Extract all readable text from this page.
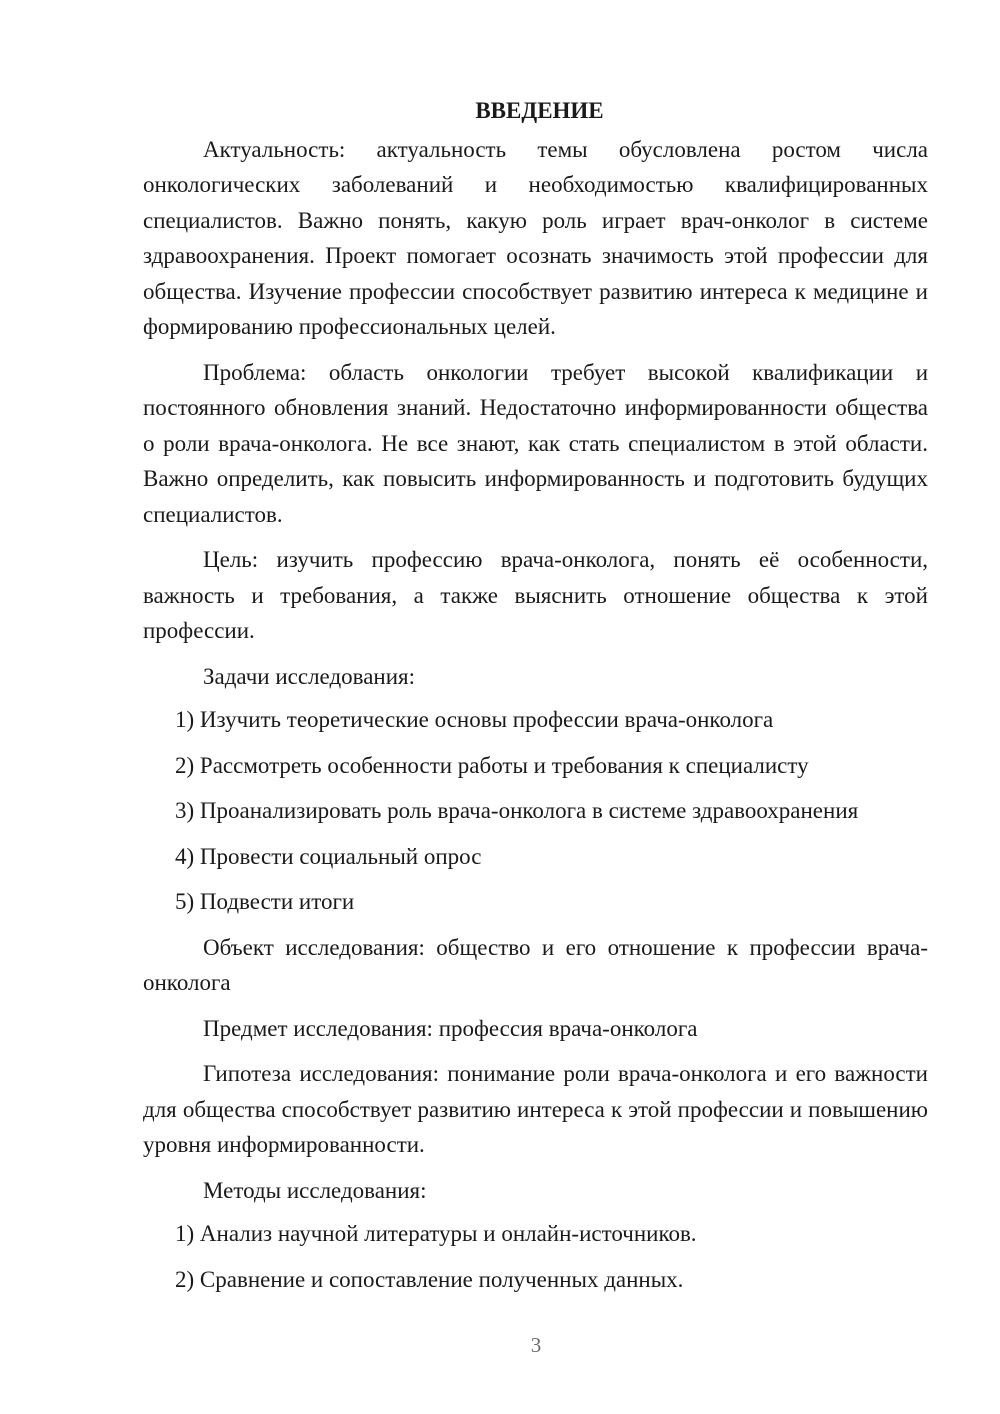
ВВЕДЕНИЕ

Актуальность: актуальность темы обусловлена ростом числа онкологических заболеваний и необходимостью квалифицированных специалистов. Важно понять, какую роль играет врач-онколог в системе здравоохранения. Проект помогает осознать значимость этой профессии для общества. Изучение профессии способствует развитию интереса к медицине и формированию профессиональных целей.

Проблема: область онкологии требует высокой квалификации и постоянного обновления знаний. Недостаточно информированности общества о роли врача-онколога. Не все знают, как стать специалистом в этой области. Важно определить, как повысить информированность и подготовить будущих специалистов.

Цель: изучить профессию врача-онколога, понять её особенности, важность и требования, а также выяснить отношение общества к этой профессии.

Задачи исследования:

1) Изучить теоретические основы профессии врача-онколога
2) Рассмотреть особенности работы и требования к специалисту
3) Проанализировать роль врача-онколога в системе здравоохранения
4) Провести социальный опрос
5) Подвести итоги

Объект исследования: общество и его отношение к профессии врача-онколога

Предмет исследования: профессия врача-онколога

Гипотеза исследования: понимание роли врача-онколога и его важности для общества способствует развитию интереса к этой профессии и повышению уровня информированности.

Методы исследования:

1) Анализ научной литературы и онлайн-источников.
2) Сравнение и сопоставление полученных данных.
3
